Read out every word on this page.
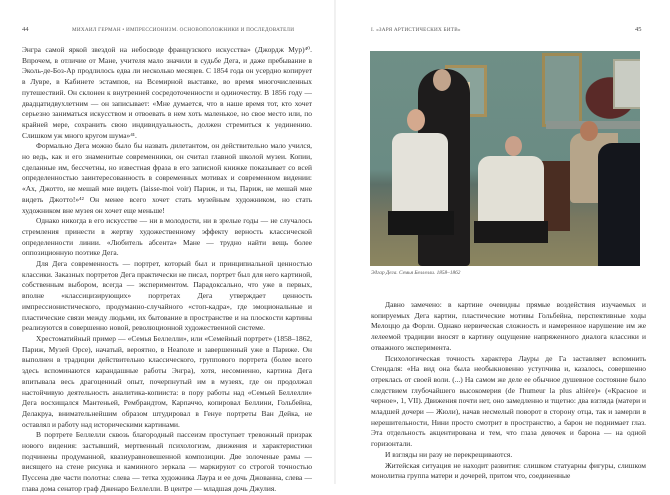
44	МИХАИЛ ГЕРМАН • ИМПРЕССИОНИЗМ. ОСНОВОПОЛОЖНИКИ И ПОСЛЕДОВАТЕЛИ

Энгра самой яркой звездой на небосводе французского искусства» (Джордж Мур)⁴⁰. Впрочем, в отличие от Мане, учителя мало значили в судьбе Дега, и даже пребывание в Эколь-де-Боз-Ар продлилось едва ли несколько месяцев. С 1854 года он усердно копирует в Лувре, в Кабинете эстампов, на Всемирной выставке, во время многочисленных путешествий. Он склонен к внутренней сосредоточенности и одиночеству. В 1856 году — двадцатидвухлетним — он записывает: «Мне думается, что в наше время тот, кто хочет серьезно заниматься искусством и отвоевать в нем хоть маленькое, но свое место или, по крайней мере, сохранить свою индивидуальность, должен стремиться к уединению. Слишком уж много кругом шума»⁴¹.

Формально Дега можно было бы назвать дилетантом, он действительно мало учился, но ведь, как и его знаменитые современники, он считал главной школой музеи. Копии, сделанные им, бессчетны, но известная фраза в его записной книжке показывает со всей определенностью заинтересованность в современных мотивах и современном видении: «Ах, Джотто, не мешай мне видеть (laisse-moi voir) Париж, и ты, Париж, не мешай мне видеть Джотто!»⁴² Он менее всего хочет стать музейным художником, но стать художником вне музея он хочет еще меньше!

Однако никогда в его искусстве — ни в молодости, ни в зрелые годы — не случалось стремления принести в жертву художественному эффекту верность классической определенности линии. «Любитель абсента» Мане — трудно найти вещь более оппозиционную поэтике Дега.

Для Дега современность — портрет, который был и принципиальной ценностью классики. Заказных портретов Дега практически не писал, портрет был для него картиной, собственным выбором, всегда — экспериментом. Парадоксально, что уже в первых, вполне «классицизирующих» портретах Дега утверждает ценность импрессионистического, продуманно-случайного «стоп-кадра», где эмоциональные и пластические связи между людьми, их бытование в пространстве и на плоскости картины реализуются в совершенно новой, революционной художественной системе.

Хрестоматийный пример — «Семья Беллелли», или «Семейный портрет» (1858–1862, Париж, Музей Орсе), начатый, вероятно, в Неаполе и завершенный уже в Париже. Он выполнен в традиции действительно классического, группового портрета (более всего здесь вспоминаются карандашные работы Энгра), хотя, несомненно, картина Дега впитывала весь драгоценный опыт, почерпнутый им в музеях, где он продолжал настойчивую деятельность аналитика-копииста: в пору работы над «Семьей Беллелли» Дега восхищался Мантеньей, Рембрандтом, Карпаччо, копировал Беллини, Гольбейна, Делакруа, внимательнейшим образом штудировал в Генуе портреты Ван Дейка, не оставлял и работу над историческими картинами.

В портрете Беллелли сквозь благородный пассеизм проступает тревожный призрак нового видения: застывший, мертвенный психологизм, движения и характеристики подчинены продуманной, квазиуравновешенной композиции. Две золоченые рамы — висящего на стене рисунка и каминного зеркала — маркируют со строгой точностью Пуссена две части полотна: слева — тетка художника Лаура и ее дочь Джованна, слева — глава дома сенатор граф Дженаро Беллелли. В центре — младшая дочь Джулия.

I. «ЗАРЯ АРТИСТИЧЕСКИХ БИТВ»	45
Эдгар Дега. Семья Беллелли. 1858–1862

Давно замечено: в картине очевидны прямые воздействия изучаемых и копируемых Дега картин, пластические мотивы Гольбейна, перспективные ходы Мелоццо да Форли. Однако нервическая сложность и намеренное нарушение им же лелеемой традиции вносят в картину ощущение напряженного диалога классики и отважного эксперимента.

Психологическая точность характера Лауры де Га заставляет вспомнить Стендаля: «На вид она была необыкновенно уступчива и, казалось, совершенно отреклась от своей воли. (...) На самом же деле ее обычное душевное состояние было следствием глубочайшего высокомерия (de l'humeur la plus altière)» («Красное и черное», 1, VII). Движения почти нет, оно замедленно и тщетно: два взгляда (матери и младшей дочери — Жюли), начав несмелый поворот в сторону отца, так и замерли в нерешительности, Нини просто смотрит в пространство, а барон не поднимает глаз. Эта отдельность акцентирована и тем, что глаза девочек и барона — на одной горизонтали.

И взгляды ни разу не перекрещиваются.

Житейская ситуация не находит развития: слишком статуарны фигуры, слишком монолитна группа матери и дочерей, притом что, соединенные
